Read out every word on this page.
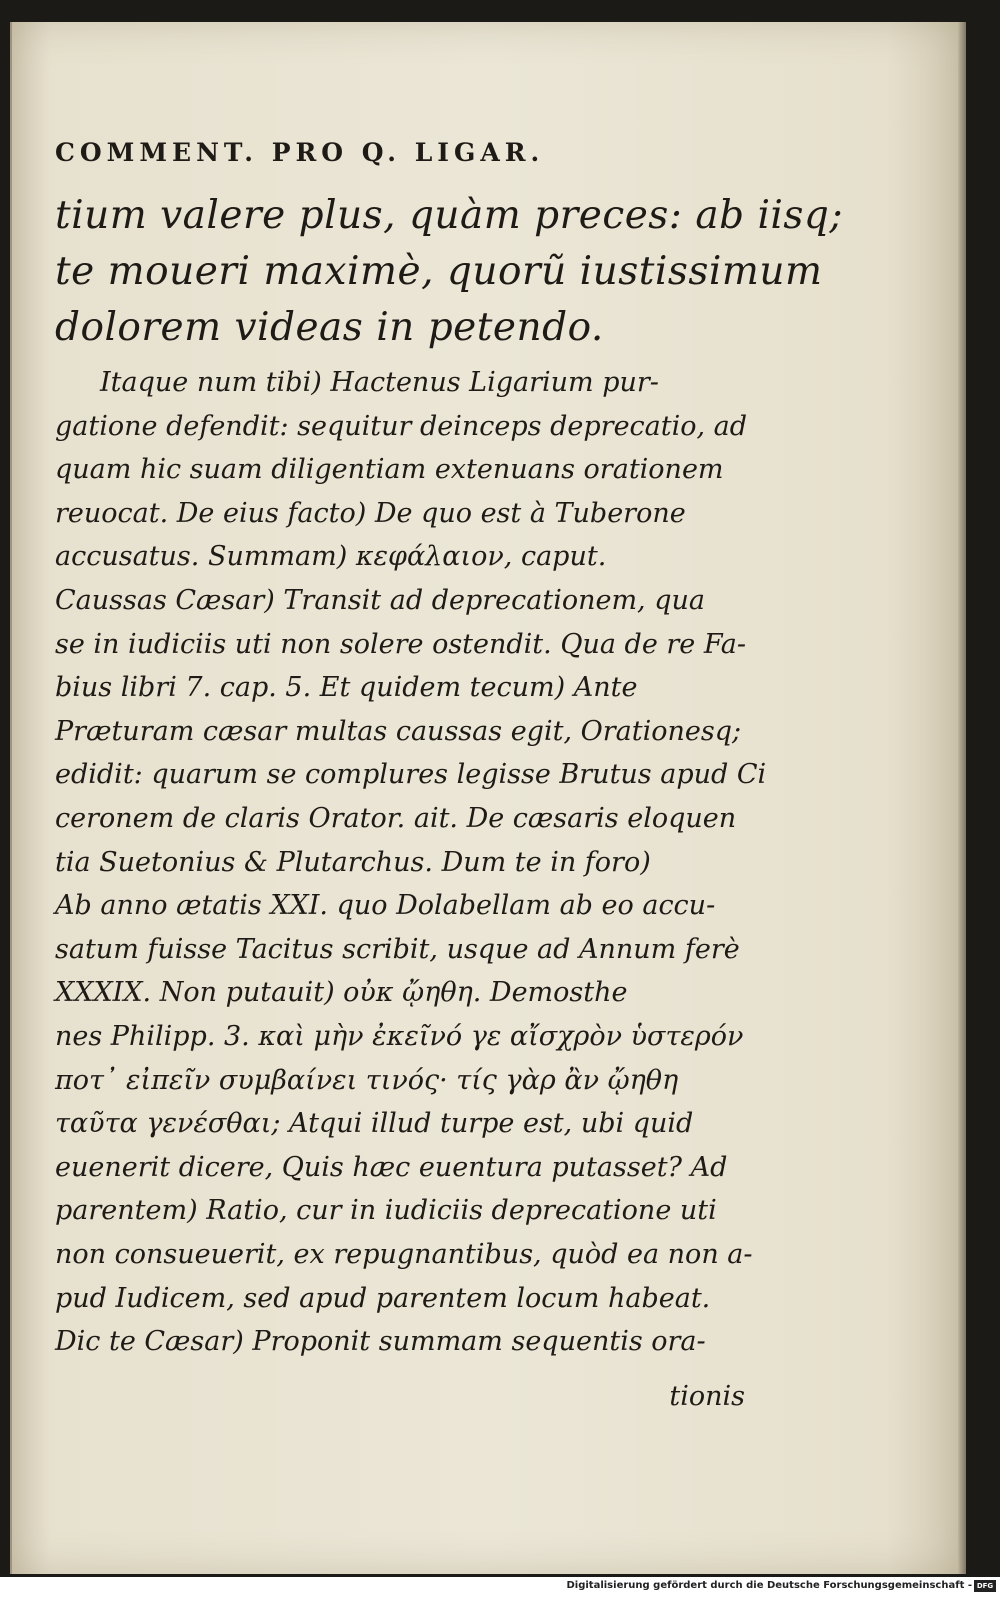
COMMENT. PRO Q. LIGAR.

tionis

Digitalisierung gefördert durch die Deutsche Forschungsgemeinschaft - DFG

tium valere plus, quàm preces: ab iisq;

te moueri maximè, quorũ iustissimum

dolorem videas in petendo.

Itaque num tibi) Hactenus Ligarium pur-

gatione defendit: sequitur deinceps deprecatio, ad

quam hic suam diligentiam extenuans orationem

reuocat. De eius facto) De quo est à Tuberone

accusatus. Summam) κεφάλαιον, caput.

Caussas Cæsar) Transit ad deprecationem, qua

se in iudiciis uti non solere ostendit. Qua de re Fa-

bius libri 7. cap. 5. Et quidem tecum) Ante

Præturam cæsar multas caussas egit, Orationesq;

edidit: quarum se complures legisse Brutus apud Ci

ceronem de claris Orator. ait. De cæsaris eloquen

tia Suetonius & Plutarchus. Dum te in foro)

Ab anno ætatis XXI. quo Dolabellam ab eo accu-

satum fuisse Tacitus scribit, usque ad Annum ferè

XXXIX. Non putauit) οὐκ ᾤηθη. Demosthe

nes Philipp. 3. καὶ μὴν ἐκεῖνό γε αἴσχρὸν ὑστερόν

ποτ᾽ εἰπεῖν συμβαίνει τινός· τίς γὰρ ἂν ᾤηθη

ταῦτα γενέσθαι; Atqui illud turpe est, ubi quid

euenerit dicere, Quis hæc euentura putasset? Ad

parentem) Ratio, cur in iudiciis deprecatione uti

non consueuerit, ex repugnantibus, quòd ea non a-

pud Iudicem, sed apud parentem locum habeat.

Dic te Cæsar) Proponit summam sequentis ora-
